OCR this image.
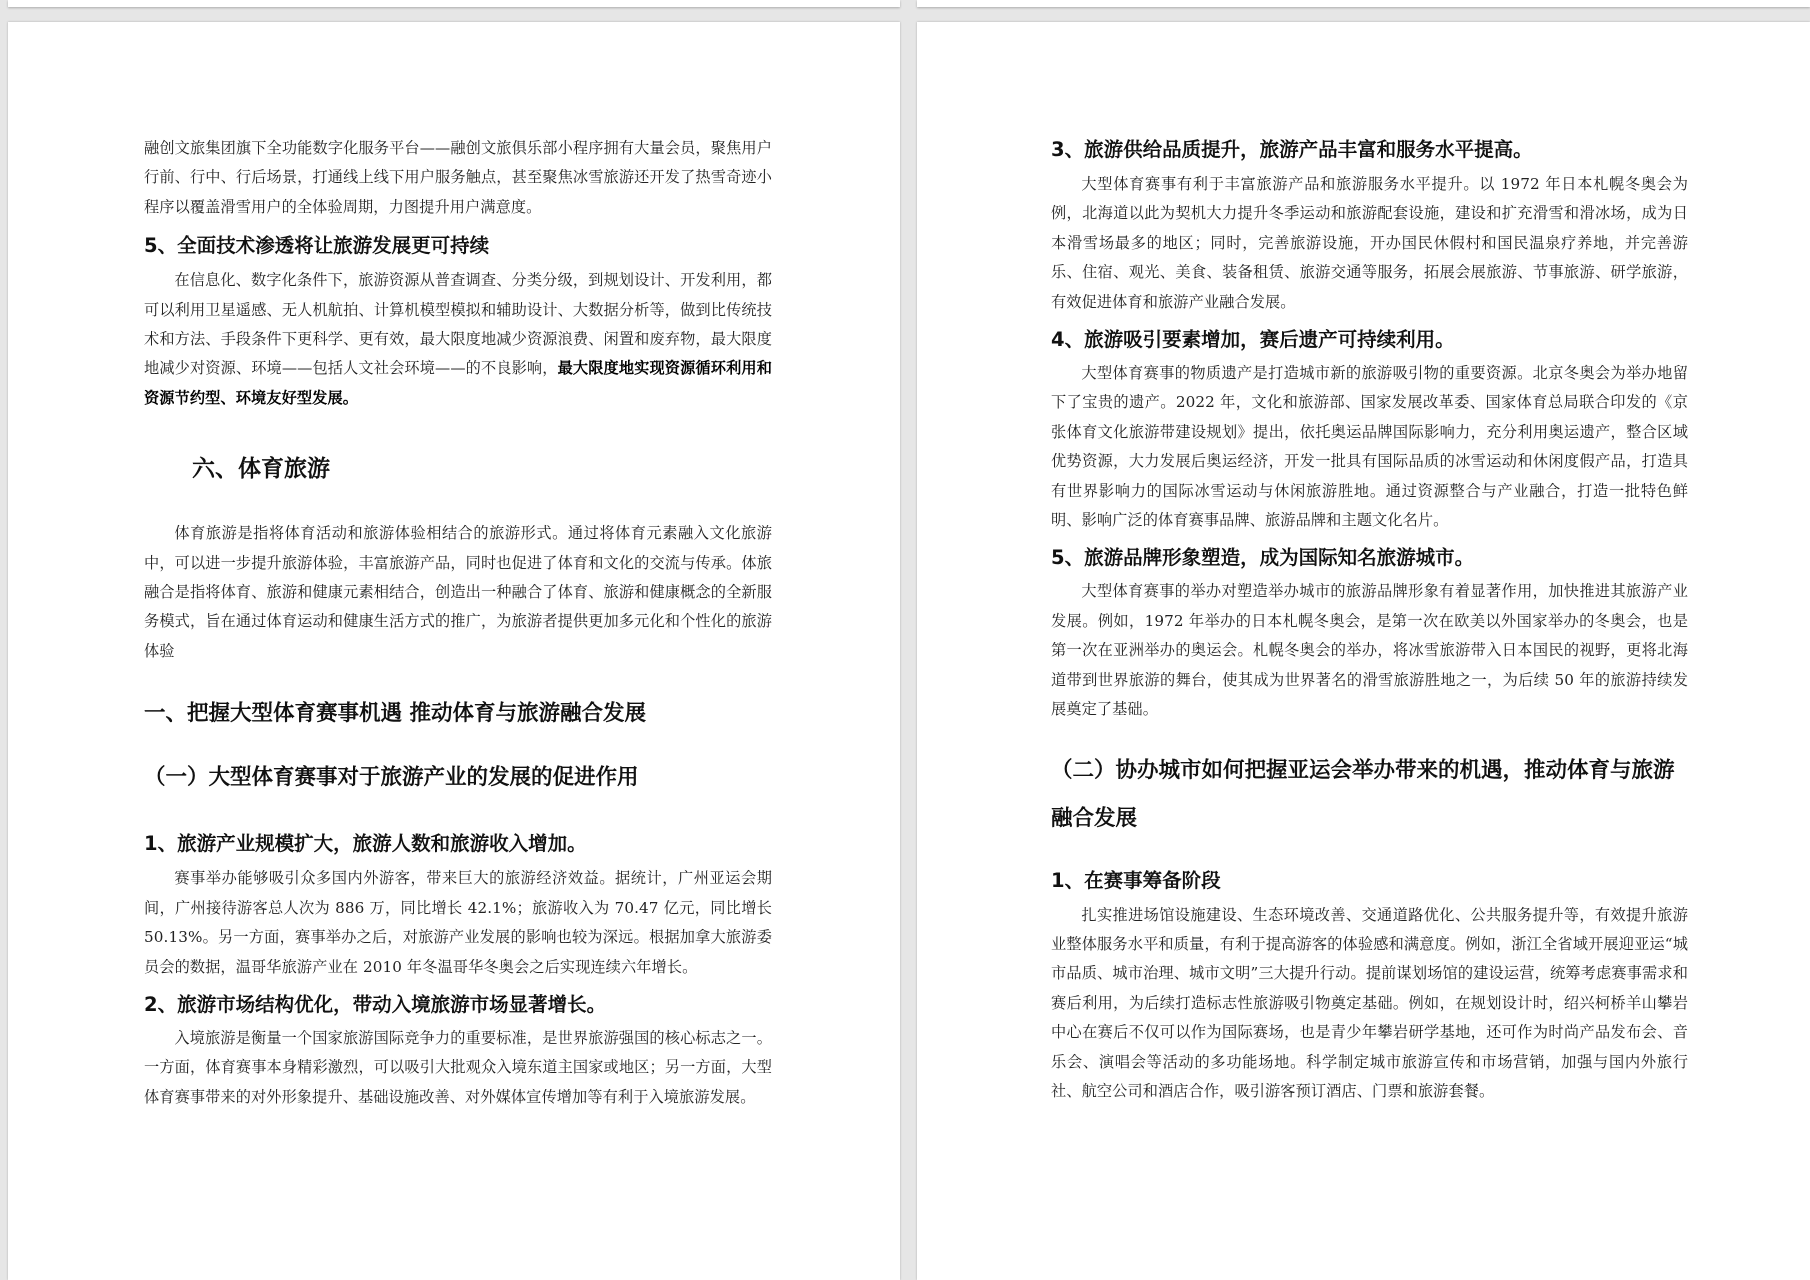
融创文旅集团旗下全功能数字化服务平台——融创文旅俱乐部小程序拥有大量会员，聚焦用户行前、行中、行后场景，打通线上线下用户服务触点，甚至聚焦冰雪旅游还开发了热雪奇迹小程序以覆盖滑雪用户的全体验周期，力图提升用户满意度。

5、全面技术渗透将让旅游发展更可持续

在信息化、数字化条件下，旅游资源从普查调查、分类分级，到规划设计、开发利用，都可以利用卫星遥感、无人机航拍、计算机模型模拟和辅助设计、大数据分析等，做到比传统技术和方法、手段条件下更科学、更有效，最大限度地减少资源浪费、闲置和废弃物，最大限度地减少对资源、环境——包括人文社会环境——的不良影响，最大限度地实现资源循环利用和资源节约型、环境友好型发展。

六、体育旅游

体育旅游是指将体育活动和旅游体验相结合的旅游形式。通过将体育元素融入文化旅游中，可以进一步提升旅游体验，丰富旅游产品，同时也促进了体育和文化的交流与传承。体旅融合是指将体育、旅游和健康元素相结合，创造出一种融合了体育、旅游和健康概念的全新服务模式，旨在通过体育运动和健康生活方式的推广，为旅游者提供更加多元化和个性化的旅游体验

一、把握大型体育赛事机遇 推动体育与旅游融合发展
（一）大型体育赛事对于旅游产业的发展的促进作用
1、旅游产业规模扩大，旅游人数和旅游收入增加。

赛事举办能够吸引众多国内外游客，带来巨大的旅游经济效益。据统计，广州亚运会期间，广州接待游客总人次为 886 万，同比增长 42.1%；旅游收入为 70.47 亿元，同比增长 50.13%。另一方面，赛事举办之后，对旅游产业发展的影响也较为深远。根据加拿大旅游委员会的数据，温哥华旅游产业在 2010 年冬温哥华冬奥会之后实现连续六年增长。

2、旅游市场结构优化，带动入境旅游市场显著增长。

入境旅游是衡量一个国家旅游国际竞争力的重要标准，是世界旅游强国的核心标志之一。一方面，体育赛事本身精彩激烈，可以吸引大批观众入境东道主国家或地区；另一方面，大型体育赛事带来的对外形象提升、基础设施改善、对外媒体宣传增加等有利于入境旅游发展。

3、旅游供给品质提升，旅游产品丰富和服务水平提高。

大型体育赛事有利于丰富旅游产品和旅游服务水平提升。以 1972 年日本札幌冬奥会为例，北海道以此为契机大力提升冬季运动和旅游配套设施，建设和扩充滑雪和滑冰场，成为日本滑雪场最多的地区；同时，完善旅游设施，开办国民休假村和国民温泉疗养地，并完善游乐、住宿、观光、美食、装备租赁、旅游交通等服务，拓展会展旅游、节事旅游、研学旅游，有效促进体育和旅游产业融合发展。

4、旅游吸引要素增加，赛后遗产可持续利用。

大型体育赛事的物质遗产是打造城市新的旅游吸引物的重要资源。北京冬奥会为举办地留下了宝贵的遗产。2022 年，文化和旅游部、国家发展改革委、国家体育总局联合印发的《京张体育文化旅游带建设规划》提出，依托奥运品牌国际影响力，充分利用奥运遗产，整合区域优势资源，大力发展后奥运经济，开发一批具有国际品质的冰雪运动和休闲度假产品，打造具有世界影响力的国际冰雪运动与休闲旅游胜地。通过资源整合与产业融合，打造一批特色鲜明、影响广泛的体育赛事品牌、旅游品牌和主题文化名片。

5、旅游品牌形象塑造，成为国际知名旅游城市。

大型体育赛事的举办对塑造举办城市的旅游品牌形象有着显著作用，加快推进其旅游产业发展。例如，1972 年举办的日本札幌冬奥会，是第一次在欧美以外国家举办的冬奥会，也是第一次在亚洲举办的奥运会。札幌冬奥会的举办，将冰雪旅游带入日本国民的视野，更将北海道带到世界旅游的舞台，使其成为世界著名的滑雪旅游胜地之一，为后续 50 年的旅游持续发展奠定了基础。

（二）协办城市如何把握亚运会举办带来的机遇，推动体育与旅游融合发展
1、在赛事筹备阶段

扎实推进场馆设施建设、生态环境改善、交通道路优化、公共服务提升等，有效提升旅游业整体服务水平和质量，有利于提高游客的体验感和满意度。例如，浙江全省域开展迎亚运“城市品质、城市治理、城市文明”三大提升行动。提前谋划场馆的建设运营，统筹考虑赛事需求和赛后利用，为后续打造标志性旅游吸引物奠定基础。例如，在规划设计时，绍兴柯桥羊山攀岩中心在赛后不仅可以作为国际赛场，也是青少年攀岩研学基地，还可作为时尚产品发布会、音乐会、演唱会等活动的多功能场地。科学制定城市旅游宣传和市场营销，加强与国内外旅行社、航空公司和酒店合作，吸引游客预订酒店、门票和旅游套餐。
